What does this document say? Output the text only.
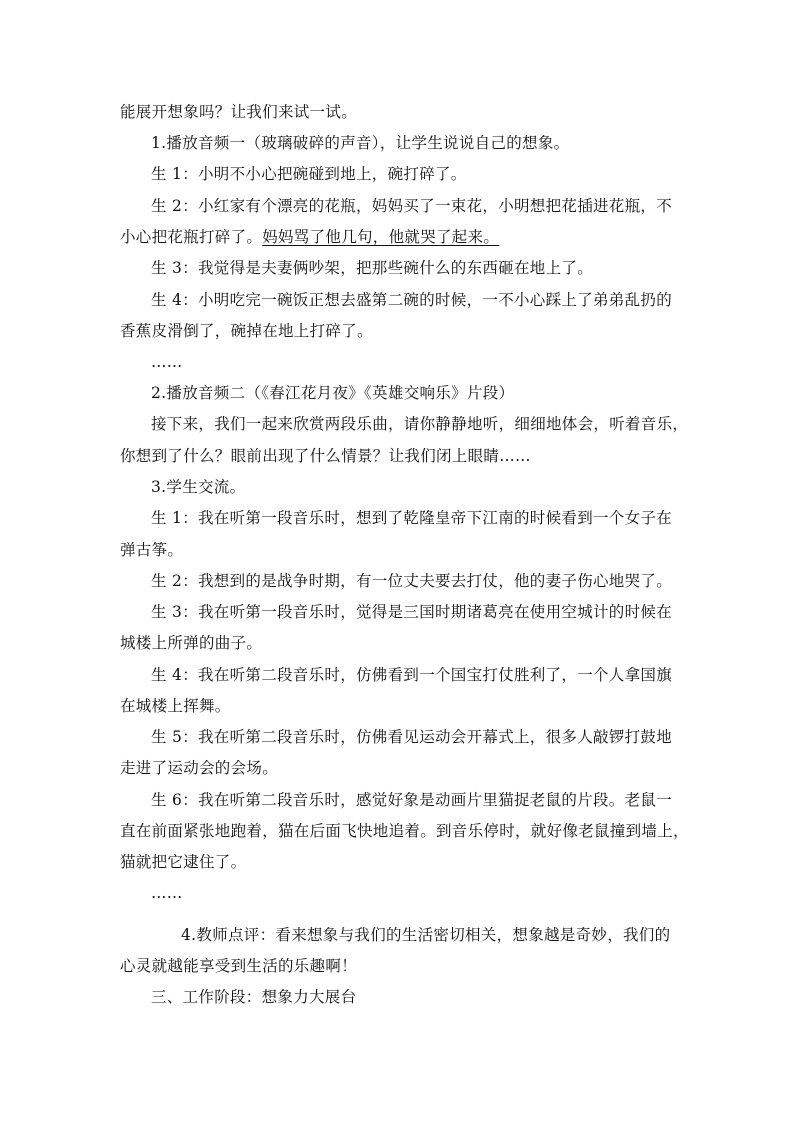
能展开想象吗？让我们来试一试。
1.播放音频一（玻璃破碎的声音），让学生说说自己的想象。
生 1：小明不小心把碗碰到地上，碗打碎了。
生 2：小红家有个漂亮的花瓶，妈妈买了一束花，小明想把花插进花瓶，不
小心把花瓶打碎了。妈妈骂了他几句，他就哭了起来。
生 3：我觉得是夫妻俩吵架，把那些碗什么的东西砸在地上了。
生 4：小明吃完一碗饭正想去盛第二碗的时候，一不小心踩上了弟弟乱扔的
香蕉皮滑倒了，碗掉在地上打碎了。
……
2.播放音频二（《春江花月夜》《英雄交响乐》片段）
接下来，我们一起来欣赏两段乐曲，请你静静地听，细细地体会，听着音乐，
你想到了什么？眼前出现了什么情景？让我们闭上眼睛……
3.学生交流。
生 1：我在听第一段音乐时，想到了乾隆皇帝下江南的时候看到一个女子在
弹古筝。
生 2：我想到的是战争时期，有一位丈夫要去打仗，他的妻子伤心地哭了。
生 3：我在听第一段音乐时，觉得是三国时期诸葛亮在使用空城计的时候在
城楼上所弹的曲子。
生 4：我在听第二段音乐时，仿佛看到一个国宝打仗胜利了，一个人拿国旗
在城楼上挥舞。
生 5：我在听第二段音乐时，仿佛看见运动会开幕式上，很多人敲锣打鼓地
走进了运动会的会场。
生 6：我在听第二段音乐时，感觉好象是动画片里猫捉老鼠的片段。老鼠一
直在前面紧张地跑着，猫在后面飞快地追着。到音乐停时，就好像老鼠撞到墙上，
猫就把它逮住了。
……
4.教师点评：看来想象与我们的生活密切相关，想象越是奇妙，我们的
心灵就越能享受到生活的乐趣啊！
三、工作阶段：想象力大展台
